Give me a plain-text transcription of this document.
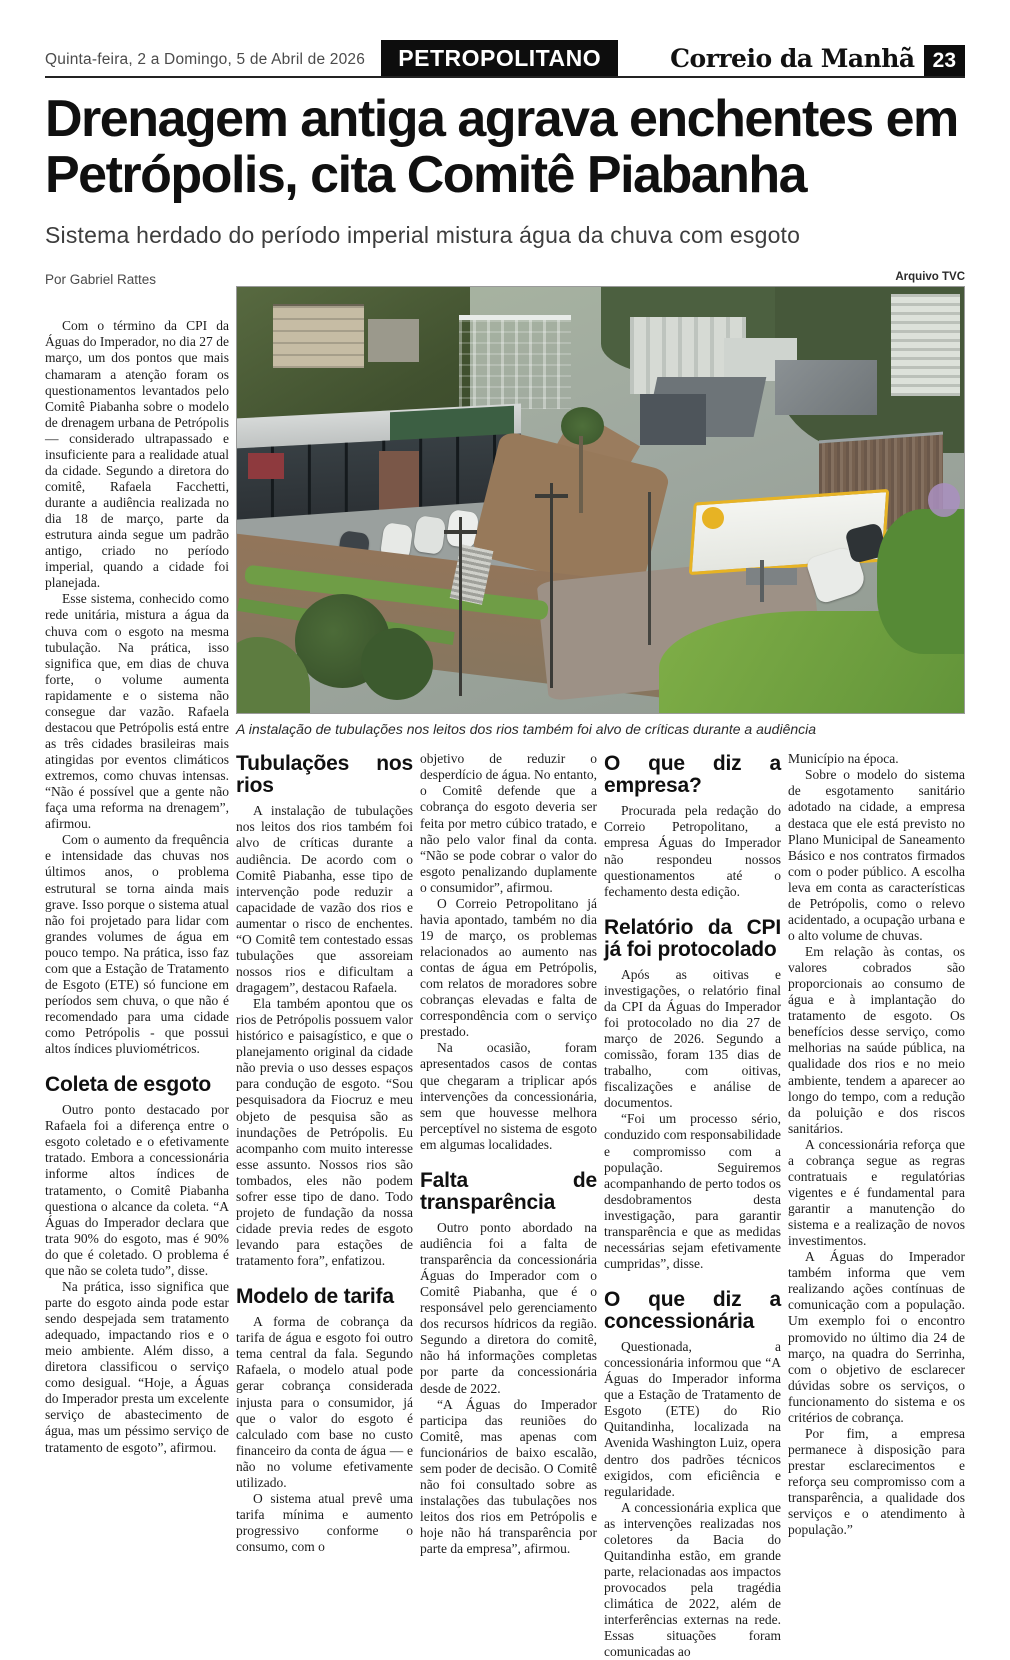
Quinta-feira, 2 a Domingo, 5 de Abril de 2026	PETROPOLITANO	Correio da Manhã 23
Drenagem antiga agrava enchentes em Petrópolis, cita Comitê Piabanha
Sistema herdado do período imperial mistura água da chuva com esgoto

Por Gabriel Rattes

Com o término da CPI da Águas do Imperador, no dia 27 de março, um dos pontos que mais chamaram a atenção foram os questionamentos levantados pelo Comitê Piabanha sobre o modelo de drenagem urbana de Petrópolis — considerado ultrapassado e insuficiente para a realidade atual da cidade. Segundo a diretora do comitê, Rafaela Facchetti, durante a audiência realizada no dia 18 de março, parte da estrutura ainda segue um padrão antigo, criado no período imperial, quando a cidade foi planejada.

Esse sistema, conhecido como rede unitária, mistura a água da chuva com o esgoto na mesma tubulação. Na prática, isso significa que, em dias de chuva forte, o volume aumenta rapidamente e o sistema não consegue dar vazão. Rafaela destacou que Petrópolis está entre as três cidades brasileiras mais atingidas por eventos climáticos extremos, como chuvas intensas. “Não é possível que a gente não faça uma reforma na drenagem”, afirmou.

Com o aumento da frequência e intensidade das chuvas nos últimos anos, o problema estrutural se torna ainda mais grave. Isso porque o sistema atual não foi projetado para lidar com grandes volumes de água em pouco tempo. Na prática, isso faz com que a Estação de Tratamento de Esgoto (ETE) só funcione em períodos sem chuva, o que não é recomendado para uma cidade como Petrópolis - que possui altos índices pluviométricos.

Coleta de esgoto

Outro ponto destacado por Rafaela foi a diferença entre o esgoto coletado e o efetivamente tratado. Embora a concessionária informe altos índices de tratamento, o Comitê Piabanha questiona o alcance da coleta. “A Águas do Imperador declara que trata 90% do esgoto, mas é 90% do que é coletado. O problema é que não se coleta tudo”, disse.

Na prática, isso significa que parte do esgoto ainda pode estar sendo despejada sem tratamento adequado, impactando rios e o meio ambiente. Além disso, a diretora classificou o serviço como desigual. “Hoje, a Águas do Imperador presta um excelente serviço de abastecimento de água, mas um péssimo serviço de tratamento de esgoto”, afirmou.

Arquivo TVC
A instalação de tubulações nos leitos dos rios também foi alvo de críticas durante a audiência
Tubulações nos rios

A instalação de tubulações nos leitos dos rios também foi alvo de críticas durante a audiência. De acordo com o Comitê Piabanha, esse tipo de intervenção pode reduzir a capacidade de vazão dos rios e aumentar o risco de enchentes. “O Comitê tem contestado essas tubulações que assoreiam nossos rios e dificultam a dragagem”, destacou Rafaela.

Ela também apontou que os rios de Petrópolis possuem valor histórico e paisagístico, e que o planejamento original da cidade não previa o uso desses espaços para condução de esgoto. “Sou pesquisadora da Fiocruz e meu objeto de pesquisa são as inundações de Petrópolis. Eu acompanho com muito interesse esse assunto. Nossos rios são tombados, eles não podem sofrer esse tipo de dano. Todo projeto de fundação da nossa cidade previa redes de esgoto levando para estações de tratamento fora”, enfatizou.

Modelo de tarifa

A forma de cobrança da tarifa de água e esgoto foi outro tema central da fala. Segundo Rafaela, o modelo atual pode gerar cobrança considerada injusta para o consumidor, já que o valor do esgoto é calculado com base no custo financeiro da conta de água — e não no volume efetivamente utilizado.

O sistema atual prevê uma tarifa mínima e aumento progressivo conforme o consumo, com o

objetivo de reduzir o desperdício de água. No entanto, o Comitê defende que a cobrança do esgoto deveria ser feita por metro cúbico tratado, e não pelo valor final da conta. “Não se pode cobrar o valor do esgoto penalizando duplamente o consumidor”, afirmou.

O Correio Petropolitano já havia apontado, também no dia 19 de março, os problemas relacionados ao aumento nas contas de água em Petrópolis, com relatos de moradores sobre cobranças elevadas e falta de correspondência com o serviço prestado.

Na ocasião, foram apresentados casos de contas que chegaram a triplicar após intervenções da concessionária, sem que houvesse melhora perceptível no sistema de esgoto em algumas localidades.

Falta de transparência

Outro ponto abordado na audiência foi a falta de transparência da concessionária Águas do Imperador com o Comitê Piabanha, que é o responsável pelo gerenciamento dos recursos hídricos da região. Segundo a diretora do comitê, não há informações completas por parte da concessionária desde de 2022.

“A Águas do Imperador participa das reuniões do Comitê, mas apenas com funcionários de baixo escalão, sem poder de decisão. O Comitê não foi consultado sobre as instalações das tubulações nos leitos dos rios em Petrópolis e hoje não há transparência por parte da empresa”, afirmou.

O que diz a empresa?

Procurada pela redação do Correio Petropolitano, a empresa Águas do Imperador não respondeu nossos questionamentos até o fechamento desta edição.

Relatório da CPI já foi protocolado

Após as oitivas e investigações, o relatório final da CPI da Águas do Imperador foi protocolado no dia 27 de março de 2026. Segundo a comissão, foram 135 dias de trabalho, com oitivas, fiscalizações e análise de documentos.

“Foi um processo sério, conduzido com responsabilidade e compromisso com a população. Seguiremos acompanhando de perto todos os desdobramentos desta investigação, para garantir transparência e que as medidas necessárias sejam efetivamente cumpridas”, disse.

O que diz a concessionária

Questionada, a concessionária informou que “A Águas do Imperador informa que a Estação de Tratamento de Esgoto (ETE) do Rio Quitandinha, localizada na Avenida Washington Luiz, opera dentro dos padrões técnicos exigidos, com eficiência e regularidade.

A concessionária explica que as intervenções realizadas nos coletores da Bacia do Quitandinha estão, em grande parte, relacionadas aos impactos provocados pela tragédia climática de 2022, além de interferências externas na rede. Essas situações foram comunicadas ao

Município na época.

Sobre o modelo do sistema de esgotamento sanitário adotado na cidade, a empresa destaca que ele está previsto no Plano Municipal de Saneamento Básico e nos contratos firmados com o poder público. A escolha leva em conta as características de Petrópolis, como o relevo acidentado, a ocupação urbana e o alto volume de chuvas.

Em relação às contas, os valores cobrados são proporcionais ao consumo de água e à implantação do tratamento de esgoto. Os benefícios desse serviço, como melhorias na saúde pública, na qualidade dos rios e no meio ambiente, tendem a aparecer ao longo do tempo, com a redução da poluição e dos riscos sanitários.

A concessionária reforça que a cobrança segue as regras contratuais e regulatórias vigentes e é fundamental para garantir a manutenção do sistema e a realização de novos investimentos.

A Águas do Imperador também informa que vem realizando ações contínuas de comunicação com a população. Um exemplo foi o encontro promovido no último dia 24 de março, na quadra do Serrinha, com o objetivo de esclarecer dúvidas sobre os serviços, o funcionamento do sistema e os critérios de cobrança.

Por fim, a empresa permanece à disposição para prestar esclarecimentos e reforça seu compromisso com a transparência, a qualidade dos serviços e o atendimento à população.”
